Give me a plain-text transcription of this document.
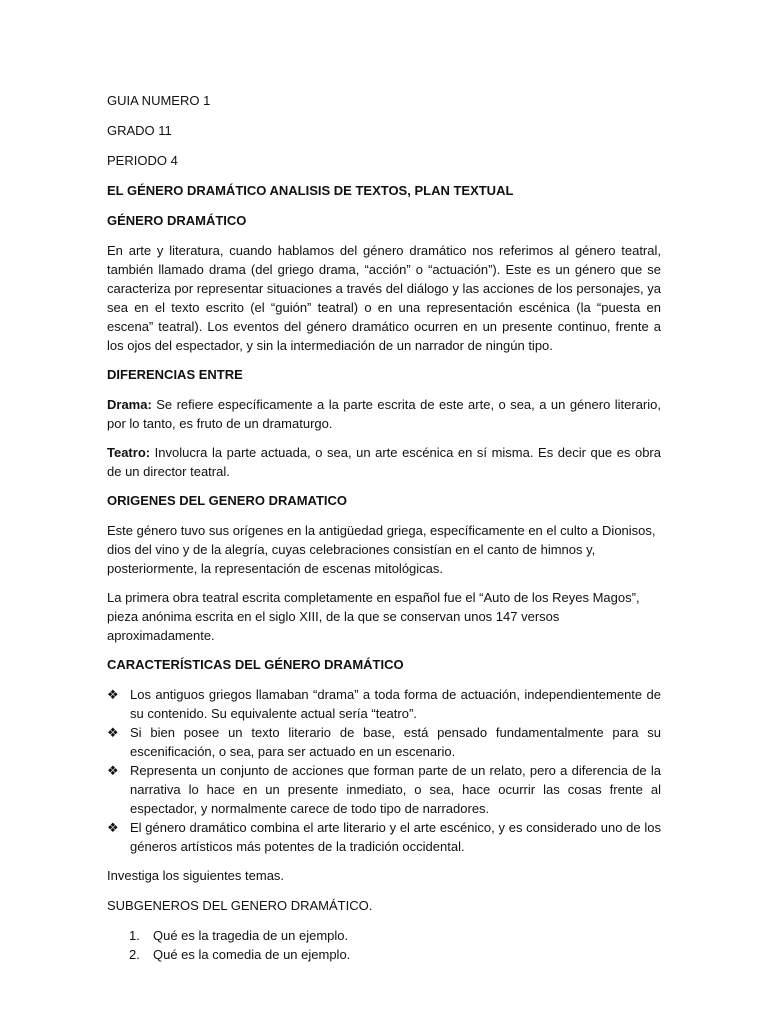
GUIA NUMERO 1

GRADO 11

PERIODO 4

EL GÉNERO DRAMÁTICO ANALISIS DE TEXTOS, PLAN TEXTUAL

GÉNERO DRAMÁTICO

En arte y literatura, cuando hablamos del género dramático nos referimos al género teatral, también llamado drama (del griego drama, “acción” o “actuación”). Este es un género que se caracteriza por representar situaciones a través del diálogo y las acciones de los personajes, ya sea en el texto escrito (el “guión” teatral) o en una representación escénica (la “puesta en escena” teatral). Los eventos del género dramático ocurren en un presente continuo, frente a los ojos del espectador, y sin la intermediación de un narrador de ningún tipo.

DIFERENCIAS ENTRE

Drama: Se refiere específicamente a la parte escrita de este arte, o sea, a un género literario, por lo tanto, es fruto de un dramaturgo.

Teatro: Involucra la parte actuada, o sea, un arte escénica en sí misma. Es decir que es obra de un director teatral.

ORIGENES DEL GENERO DRAMATICO

Este género tuvo sus orígenes en la antigüedad griega, específicamente en el culto a Dionisos, dios del vino y de la alegría, cuyas celebraciones consistían en el canto de himnos y, posteriormente, la representación de escenas mitológicas.

La primera obra teatral escrita completamente en español fue el “Auto de los Reyes Magos”, pieza anónima escrita en el siglo XIII, de la que se conservan unos 147 versos aproximadamente.

CARACTERÍSTICAS DEL GÉNERO DRAMÁTICO

❖ Los antiguos griegos llamaban “drama” a toda forma de actuación, independientemente de su contenido. Su equivalente actual sería “teatro”.
❖ Si bien posee un texto literario de base, está pensado fundamentalmente para su escenificación, o sea, para ser actuado en un escenario.
❖ Representa un conjunto de acciones que forman parte de un relato, pero a diferencia de la narrativa lo hace en un presente inmediato, o sea, hace ocurrir las cosas frente al espectador, y normalmente carece de todo tipo de narradores.
❖ El género dramático combina el arte literario y el arte escénico, y es considerado uno de los géneros artísticos más potentes de la tradición occidental.

Investiga los siguientes temas.

SUBGENEROS DEL GENERO DRAMÁTICO.

1. Qué es la tragedia de un ejemplo.
2. Qué es la comedia de un ejemplo.
